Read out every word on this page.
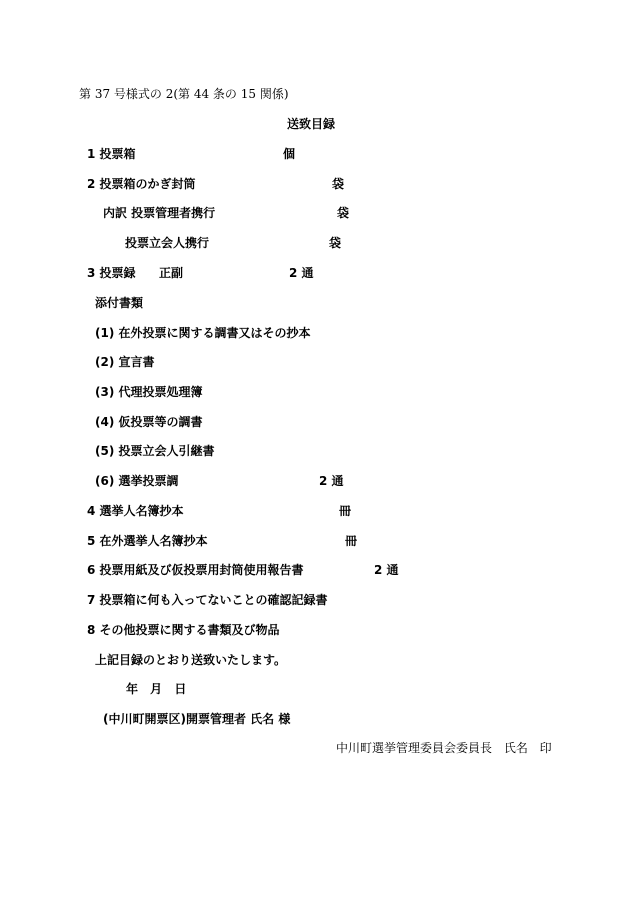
第 37 号様式の 2(第 44 条の 15 関係)
送致目録
1 投票箱	個
2 投票箱のかぎ封筒	袋
内訳 投票管理者携行	袋
投票立会人携行	袋
3 投票録 正副	2 通
添付書類
(1) 在外投票に関する調書又はその抄本
(2) 宣言書
(3) 代理投票処理簿
(4) 仮投票等の調書
(5) 投票立会人引継書
(6) 選挙投票調	2 通
4 選挙人名簿抄本	冊
5 在外選挙人名簿抄本	冊
6 投票用紙及び仮投票用封筒使用報告書	2 通
7 投票箱に何も入ってないことの確認記録書
8 その他投票に関する書類及び物品
上記目録のとおり送致いたします。
年 月 日
(中川町開票区)開票管理者 氏名 様
中川町選挙管理委員会委員長 氏名 印
